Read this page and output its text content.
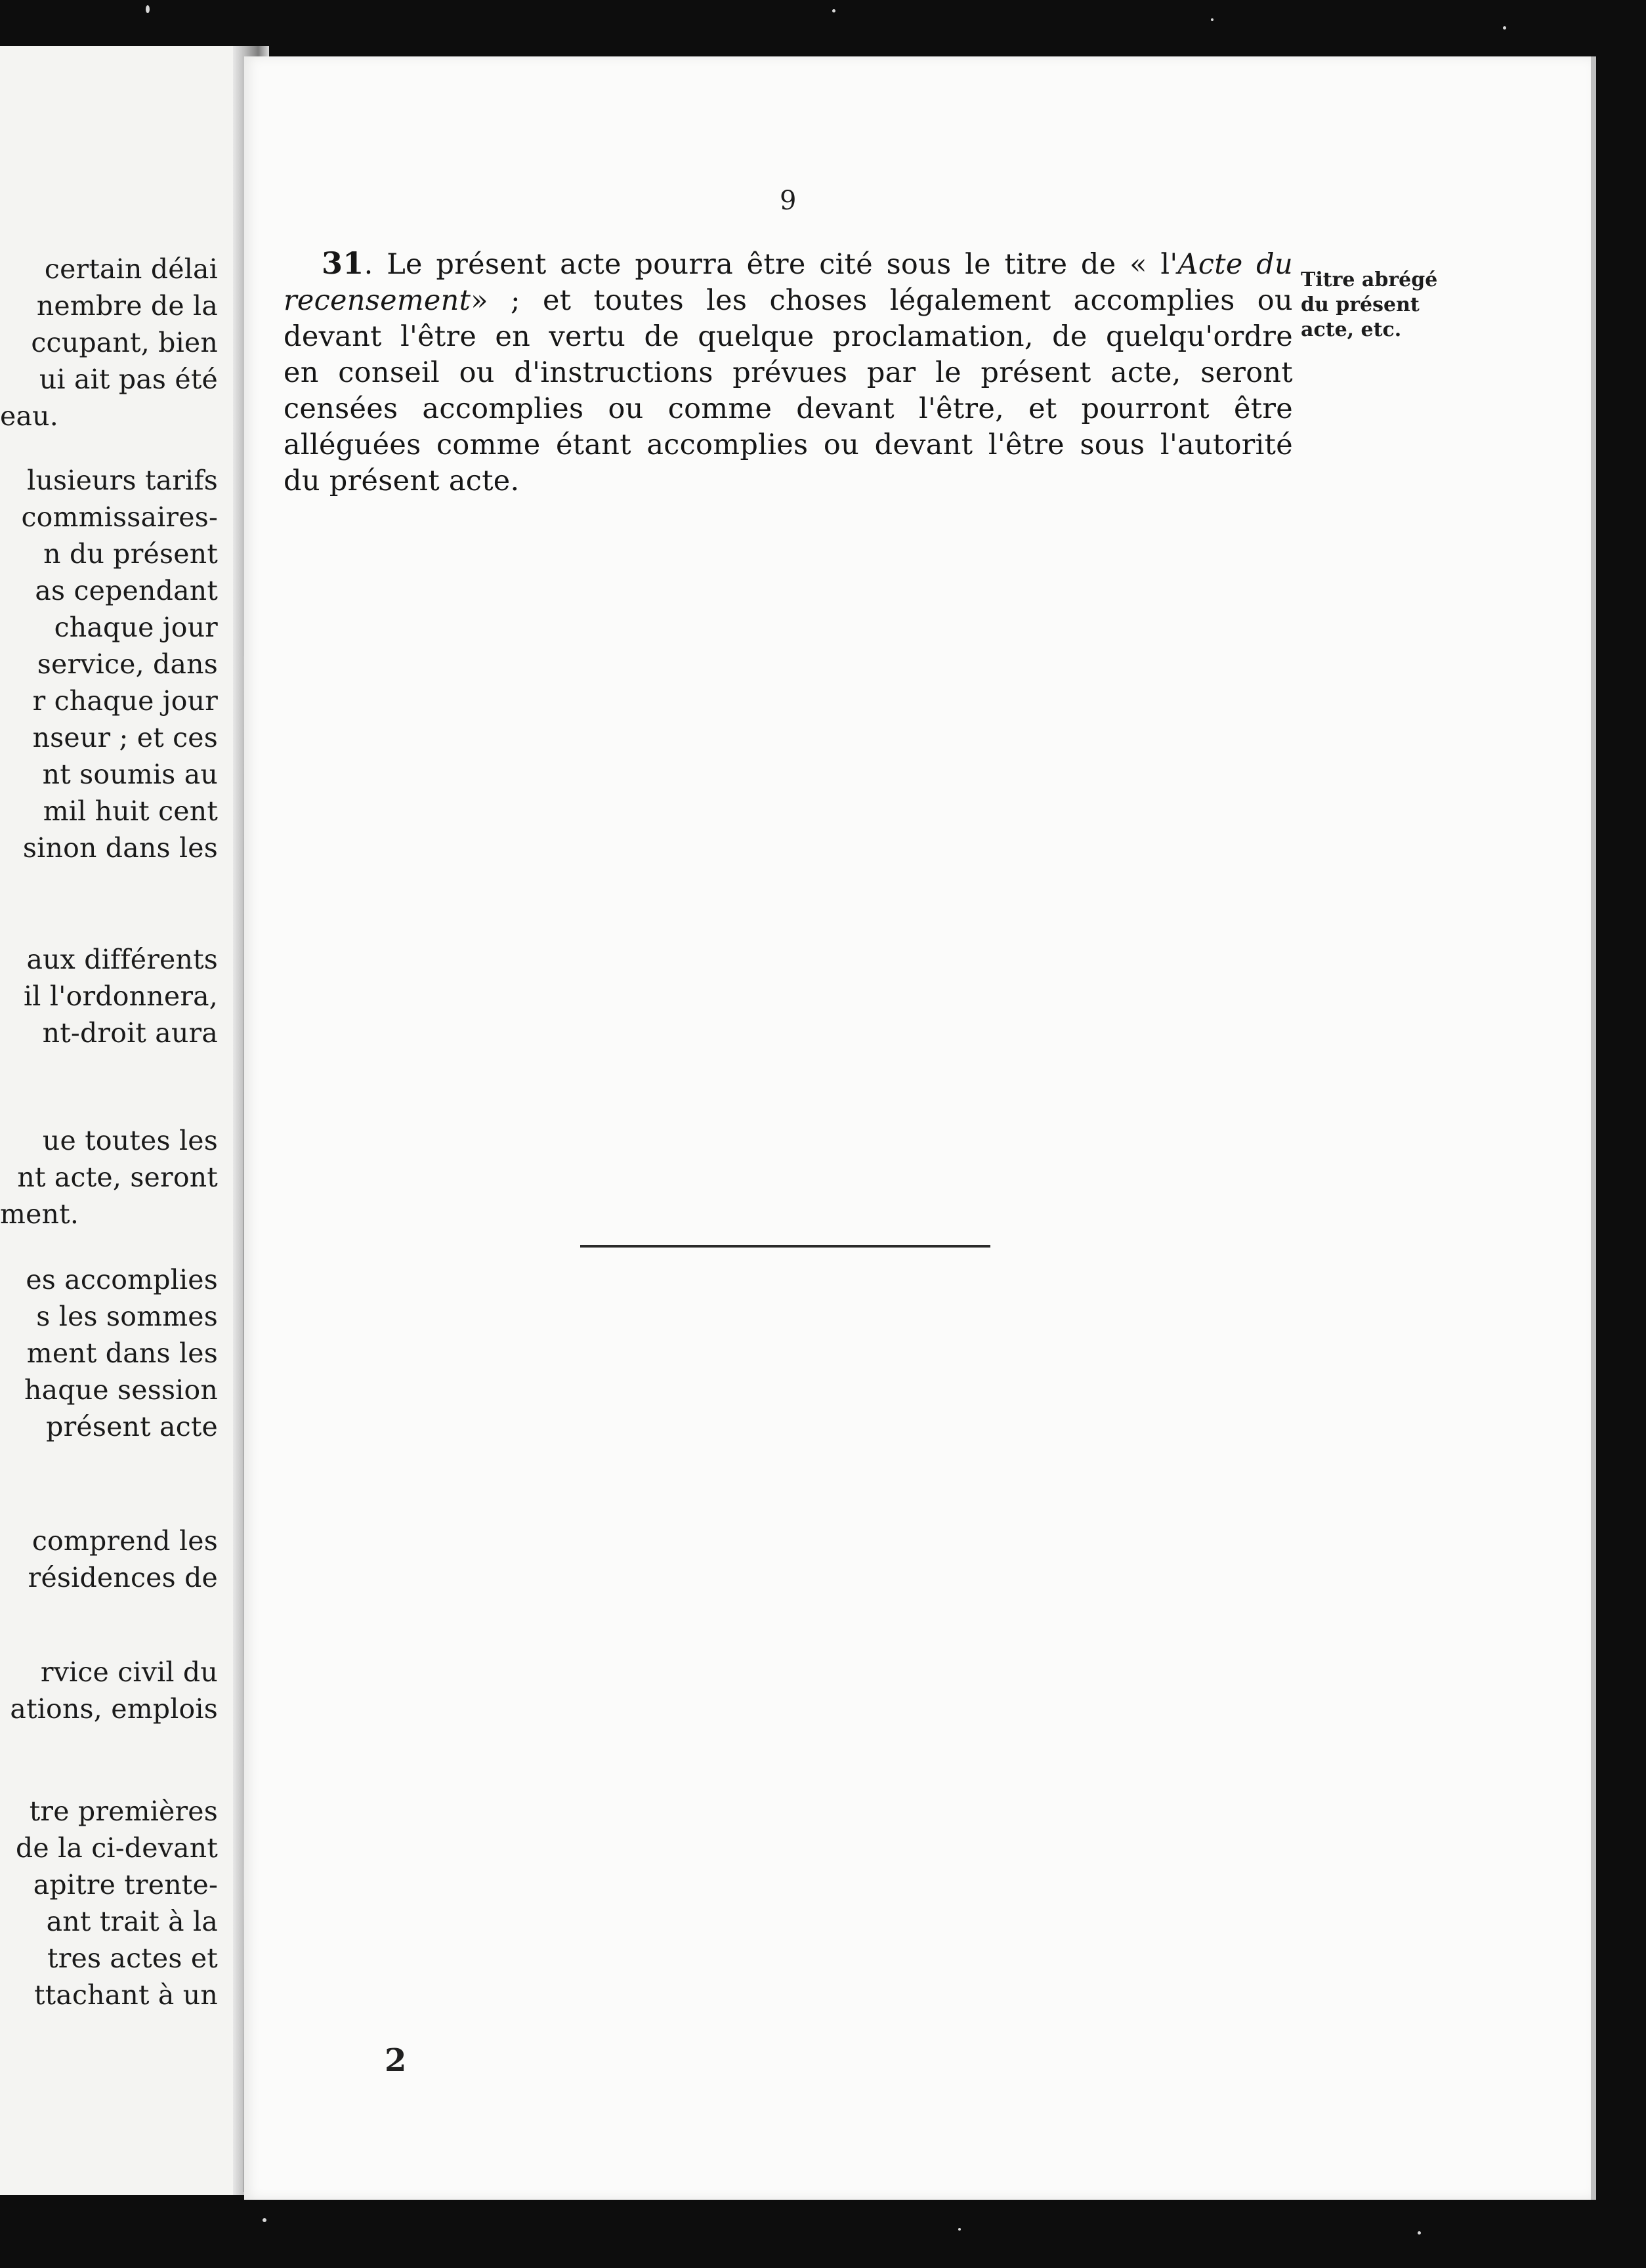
certain délai
nembre de la
ccupant, bien
ui ait pas été
eau.
lusieurs tarifs
commissaires-
n du présent
as cependant
chaque jour
service, dans
r chaque jour
nseur ; et ces
nt soumis au
mil huit cent
sinon dans les
aux différents
il l'ordonnera,
nt-droit aura
ue toutes les
nt acte, seront
ment.
es accomplies
s les sommes
ment dans les
haque session
présent acte
comprend les
résidences de
rvice civil du
ations, emplois
tre premières
de la ci-devant
apitre trente-
ant trait à la
tres actes et
ttachant à un
9
31. Le présent acte pourra être cité sous le titre de « l'Acte du
recensement» ; et toutes les choses légalement accomplies ou
devant l'être en vertu de quelque proclamation, de quelqu'ordre
en conseil ou d'instructions prévues par le présent acte, seront
censées accomplies ou comme devant l'être, et pourront être
alléguées comme étant accomplies ou devant l'être sous l'autorité
du présent acte.
Titre abrégé
du présent
acte, etc.
2
